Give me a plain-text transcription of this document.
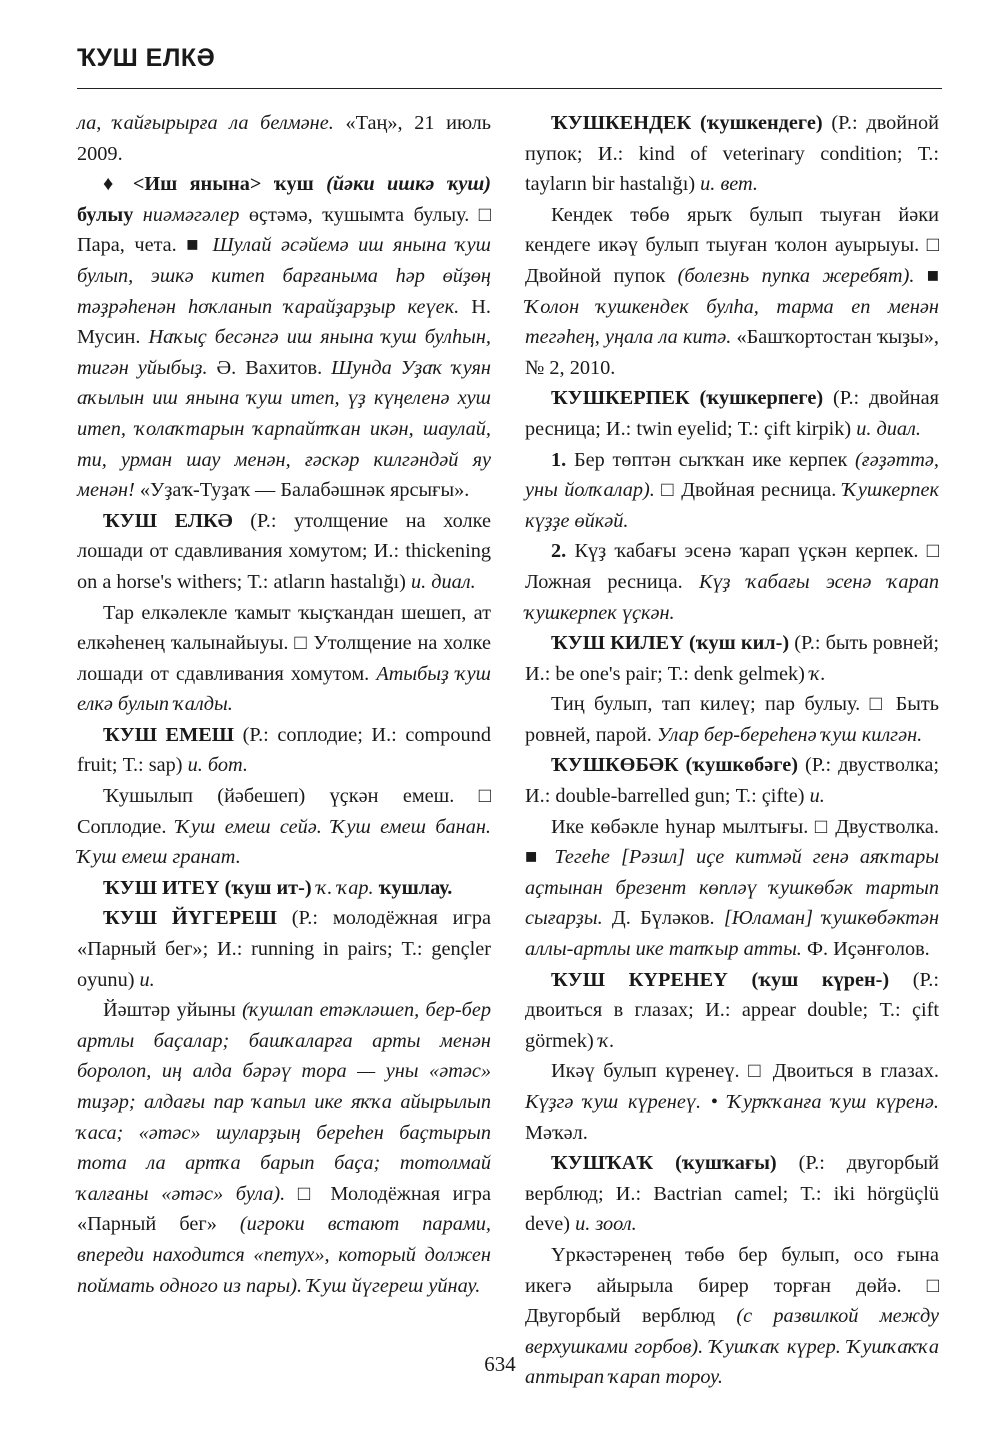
ҠУШ ЕЛКӘ

ла, ҡайғырырға ла белмәне. «Таң», 21 июль 2009.

♦ <Иш янына> ҡуш (йәки ишкә ҡуш) булыу ниәмәгәлер өҫтәмә, ҡушымта булыу. □ Пара, чета. ■ Шулай әсәйемә иш янына ҡуш булып, эшкә китеп барғаныма һәр өйҙөң тәҙрәһенән һоҡланып ҡарайҙарҙыр кеүек. Н. Мусин. Наҡыҫ бесәнгә иш янына ҡуш булһын, тигән уйыбыҙ. Ә. Вахитов. Шунда Уҙаҡ ҡуян аҡылын иш янына ҡуш итеп, үҙ күңеленә хуш итеп, ҡолаҡтарын ҡарпайтҡан икән, шаулай, ти, урман шау менән, ғәскәр килгәндәй яу менән! «Уҙаҡ-Туҙаҡ — Балабәшнәк ярсығы».

ҠУШ ЕЛКӘ (Р.: утолщение на холке лошади от сдавливания хомутом; И.: thickening on a horse's withers; Т.: atların hastalığı) и. диал.

Тар елкәлекле ҡамыт ҡыҫҡандан шешеп, ат елкәһенең ҡалынайыуы. □ Утолщение на холке лошади от сдавливания хомутом. Атыбыҙ ҡуш елкә булып ҡалды.

ҠУШ ЕМЕШ (Р.: соплодие; И.: compound fruit; Т.: sap) и. бот.

Ҡушылып (йәбешеп) үҫкән емеш. □ Соплодие. Ҡуш емеш сейә. Ҡуш емеш банан. Ҡуш емеш гранат.

ҠУШ ИТЕҮ (ҡуш ит-) ҡ. ҡар. ҡушлау.

ҠУШ ЙҮГЕРЕШ (Р.: молодёжная игра «Парный бег»; И.: running in pairs; Т.: gençler oyunu) и.

Йәштәр уйыны (ҡушлап етәкләшеп, бер-бер артлы баҫалар; башҡаларға арты менән боролоп, иң алда бәрәү тора — уны «әтәс» тиҙәр; алдағы пар ҡапыл ике яҡҡа айырылып ҡаса; «әтәс» шуларҙың береһен баҫтырып тота ла артҡа барып баҫа; тотолмай ҡалғаны «әтәс» була). □ Молодёжная игра «Парный бег» (игроки встают парами, впереди находится «петух», который должен поймать одного из пары). Ҡуш йүгереш уйнау.

ҠУШКЕНДЕК (ҡушкендеге) (Р.: двойной пупок; И.: kind of veterinary condition; Т.: tayların bir hastalığı) и. вет.

Кендек төбө ярыҡ булып тыуған йәки кендеге икәү булып тыуған ҡолон ауырыуы. □ Двойной пупок (болезнь пупка жеребят). ■ Ҡолон ҡушкендек булһа, тарма еп менән тегәһең, уңала ла китә. «Башҡортостан ҡыҙы», № 2, 2010.

ҠУШКЕРПЕК (ҡушкерпеге) (Р.: двойная ресница; И.: twin eyelid; Т.: çift kirpik) и. диал.

1. Бер төптән сыҡҡан ике керпек (ғәҙәттә, уны йолҡалар). □ Двойная ресница. Ҡушкерпек күҙҙе өйкәй.

2. Күҙ ҡабағы эсенә ҡарап үҫкән керпек. □ Ложная ресница. Күҙ ҡабағы эсенә ҡарап ҡушкерпек үҫкән.

ҠУШ КИЛЕҮ (ҡуш кил-) (Р.: быть ровней; И.: be one's pair; Т.: denk gelmek) ҡ.

Тиң булып, тап килеү; пар булыу. □ Быть ровней, парой. Улар бер-береһенә ҡуш килгән.

ҠУШКӨБӘК (ҡушкөбәге) (Р.: двустволка; И.: double-barrelled gun; Т.: çifte) и.

Ике көбәкле һунар мылтығы. □ Двустволка. ■ Тегеһе [Рәзил] иҫе китмәй генә аяҡтары аҫтынан брезент көпләү ҡушкөбәк тартып сығарҙы. Д. Бүләков. [Юламан] ҡушкөбәктән аллы-артлы ике тапҡыр атты. Ф. Иҫәнғолов.

ҠУШ КҮРЕНЕҮ (ҡуш күрен-) (Р.: двоиться в глазах; И.: appear double; Т.: çift görmek) ҡ.

Икәү булып күренеү. □ Двоиться в глазах. Күҙгә ҡуш күренеү. • Ҡурҡҡанға ҡуш күренә. Мәҡәл.

ҠУШҠАҠ (ҡушҡағы) (Р.: двугорбый верблюд; И.: Bactrian camel; Т.: iki hörgüçlü deve) и. зоол.

Үркәстәренең төбө бер булып, осо ғына икегә айырыла бирер торған дөйә. □ Двугорбый верблюд (с развилкой между верхушками горбов). Ҡушҡаҡ күрер. Ҡушҡаҡҡа аптырап ҡарап тороу.

634
